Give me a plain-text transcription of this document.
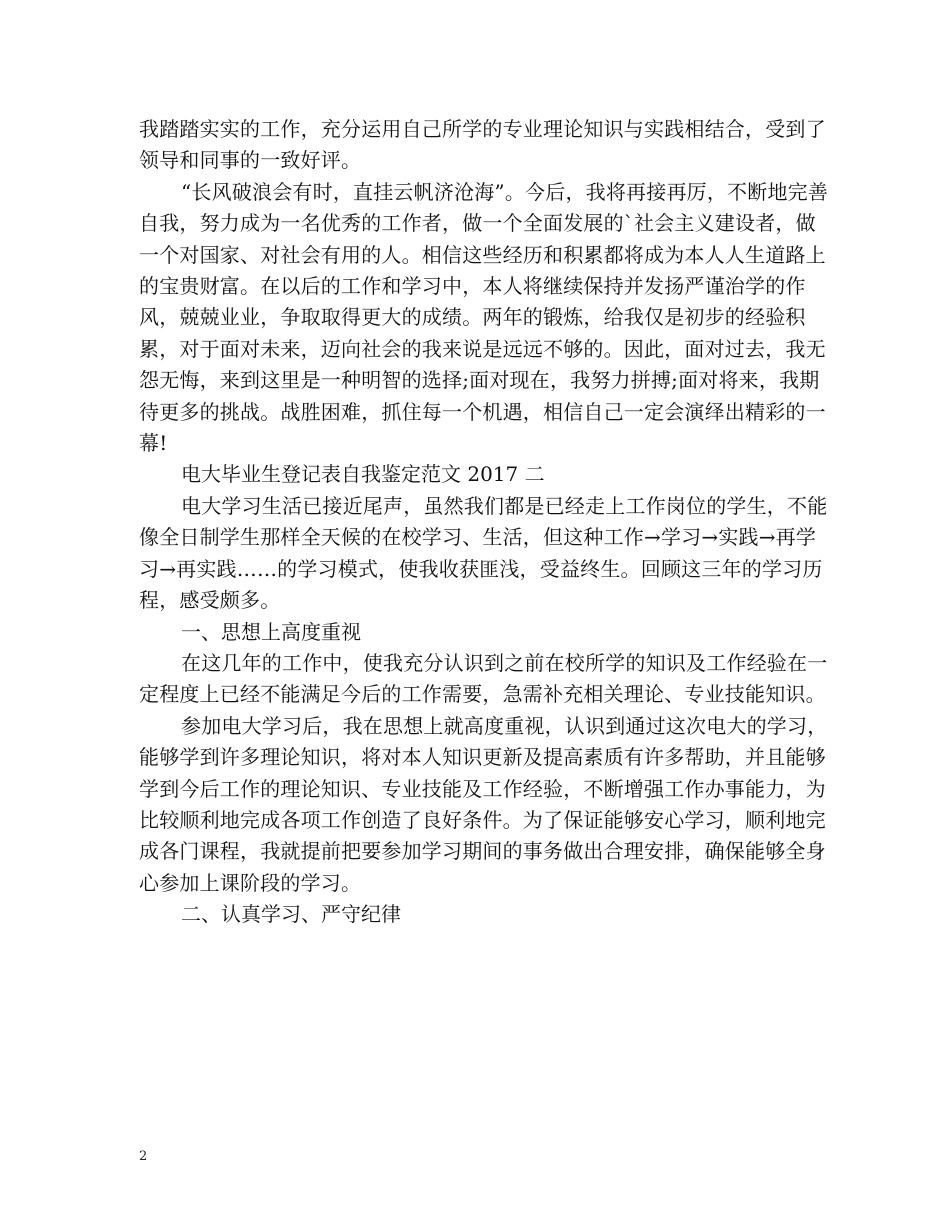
我踏踏实实的工作，充分运用自己所学的专业理论知识与实践相结合，受到了领导和同事的一致好评。

“长风破浪会有时，直挂云帆济沧海”。今后，我将再接再厉，不断地完善自我，努力成为一名优秀的工作者，做一个全面发展的`社会主义建设者，做一个对国家、对社会有用的人。相信这些经历和积累都将成为本人人生道路上的宝贵财富。在以后的工作和学习中，本人将继续保持并发扬严谨治学的作风，兢兢业业，争取取得更大的成绩。两年的锻炼，给我仅是初步的经验积累，对于面对未来，迈向社会的我来说是远远不够的。因此，面对过去，我无怨无悔，来到这里是一种明智的选择;面对现在，我努力拼搏;面对将来，我期待更多的挑战。战胜困难，抓住每一个机遇，相信自己一定会演绎出精彩的一幕!

电大毕业生登记表自我鉴定范文 2017 二

电大学习生活已接近尾声，虽然我们都是已经走上工作岗位的学生，不能像全日制学生那样全天候的在校学习、生活，但这种工作→学习→实践→再学习→再实践……的学习模式，使我收获匪浅，受益终生。回顾这三年的学习历程，感受颇多。

一、思想上高度重视

在这几年的工作中，使我充分认识到之前在校所学的知识及工作经验在一定程度上已经不能满足今后的工作需要，急需补充相关理论、专业技能知识。

参加电大学习后，我在思想上就高度重视，认识到通过这次电大的学习，能够学到许多理论知识，将对本人知识更新及提高素质有许多帮助，并且能够学到今后工作的理论知识、专业技能及工作经验，不断增强工作办事能力，为比较顺利地完成各项工作创造了良好条件。为了保证能够安心学习，顺利地完成各门课程，我就提前把要参加学习期间的事务做出合理安排，确保能够全身心参加上课阶段的学习。

二、认真学习、严守纪律

2
